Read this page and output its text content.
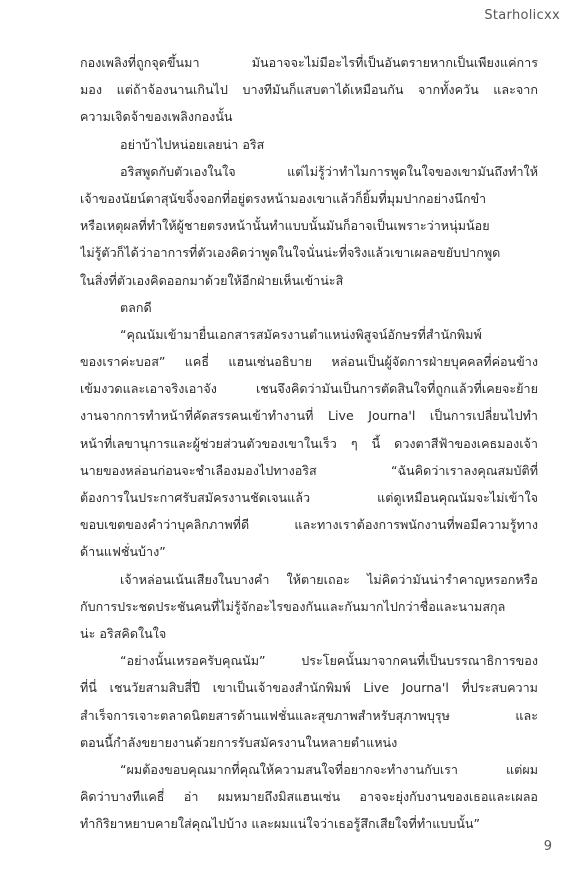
Starholicxx
กองเพลิงที่ถูกจุดขึ้นมา มันอาจจะไม่มีอะไรที่เป็นอันตรายหากเป็นเพียงแค่การ
มอง แต่ถ้าจ้องนานเกินไป บางทีมันก็แสบตาได้เหมือนกัน จากทั้งควัน และจาก
ความเจิดจ้าของเพลิงกองนั้น
อย่าบ้าไปหน่อยเลยน่า อริส
อริสพูดกับตัวเองในใจ แต่ไม่รู้ว่าทำไมการพูดในใจของเขามันถึงทำให้
เจ้าของนัยน์ตาสุนัขจิ้งจอกที่อยู่ตรงหน้ามองเขาแล้วก็ยิ้มที่มุมปากอย่างนึกขำ
หรือเหตุผลที่ทำให้ผู้ชายตรงหน้านั้นทำแบบนั้นมันก็อาจเป็นเพราะว่าหนุ่มน้อย
ไม่รู้ตัวก็ได้ว่าอาการที่ตัวเองคิดว่าพูดในใจนั่นน่ะที่จริงแล้วเขาเผลอขยับปากพูด
ในสิ่งที่ตัวเองคิดออกมาด้วยให้อีกฝ่ายเห็นเข้าน่ะสิ
ตลกดี
“คุณนัมเข้ามายื่นเอกสารสมัครงานตำแหน่งพิสูจน์อักษรที่สำนักพิมพ์
ของเราค่ะบอส” แคธี่ แฮนเซ่นอธิบาย หล่อนเป็นผู้จัดการฝ่ายบุคคลที่ค่อนข้าง
เข้มงวดและเอาจริงเอาจัง เชนจึงคิดว่ามันเป็นการตัดสินใจที่ถูกแล้วที่เคยจะย้าย
งานจากการทำหน้าที่คัดสรรคนเข้าทำงานที่ Live Journa'l เป็นการเปลี่ยนไปทำ
หน้าที่เลขานุการและผู้ช่วยส่วนตัวของเขาในเร็ว ๆ นี้ ดวงตาสีฟ้าของเคธมองเจ้า
นายของหล่อนก่อนจะชำเลืองมองไปทางอริส “ฉันคิดว่าเราลงคุณสมบัติที่
ต้องการในประกาศรับสมัครงานชัดเจนแล้ว แต่ดูเหมือนคุณนัมจะไม่เข้าใจ
ขอบเขตของคำว่าบุคลิกภาพที่ดี และทางเราต้องการพนักงานที่พอมีความรู้ทาง
ด้านแฟชั่นบ้าง”
เจ้าหล่อนเน้นเสียงในบางคำ ให้ตายเถอะ ไม่คิดว่ามันน่ารำคาญหรอกหรือ
กับการประชดประชันคนที่ไม่รู้จักอะไรของกันและกันมากไปกว่าชื่อและนามสกุล
น่ะ อริสคิดในใจ
“อย่างนั้นเหรอครับคุณนัม” ประโยคนั้นมาจากคนที่เป็นบรรณาธิการของ
ที่นี่ เชนวัยสามสิบสี่ปี เขาเป็นเจ้าของสำนักพิมพ์ Live Journa'l ที่ประสบความ
สำเร็จการเจาะตลาดนิตยสารด้านแฟชั่นและสุขภาพสำหรับสุภาพบุรุษ และ
ตอนนี้กำลังขยายงานด้วยการรับสมัครงานในหลายตำแหน่ง
“ผมต้องขอบคุณมากที่คุณให้ความสนใจที่อยากจะทำงานกับเรา แต่ผม
คิดว่าบางทีแคธี่ อ่า ผมหมายถึงมิสแฮนเซ่น อาจจะยุ่งกับงานของเธอและเผลอ
ทำกิริยาหยาบคายใส่คุณไปบ้าง และผมแน่ใจว่าเธอรู้สึกเสียใจที่ทำแบบนั้น”
9
